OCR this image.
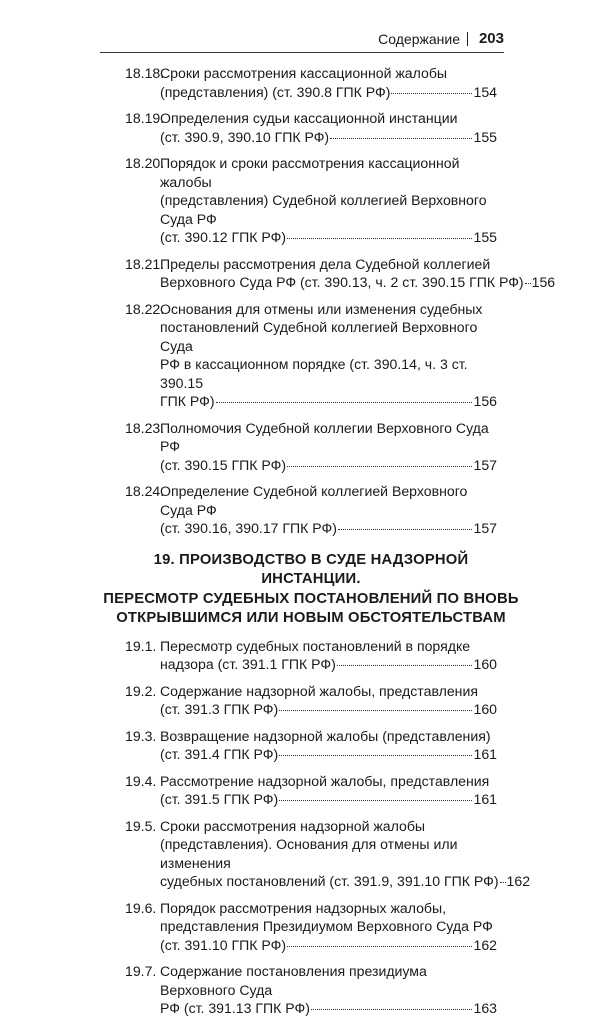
Содержание 203
18.18.
Сроки рассмотрения кассационной жалобы
(представления) (ст. 390.8 ГПК РФ)	154
18.19.
Определения судьи кассационной инстанции
(ст. 390.9, 390.10 ГПК РФ)	155
18.20.
Порядок и сроки рассмотрения кассационной жалобы
(представления) Судебной коллегией Верховного Суда РФ
(ст. 390.12 ГПК РФ)	155
18.21.
Пределы рассмотрения дела Судебной коллегией
Верховного Суда РФ (ст. 390.13, ч. 2 ст. 390.15 ГПК РФ) 156
18.22.
Основания для отмены или изменения судебных
постановлений Судебной коллегией Верховного Суда
РФ в кассационном порядке (ст. 390.14, ч. 3 ст. 390.15
ГПК РФ)	156
18.23.
Полномочия Судебной коллегии Верховного Суда РФ
(ст. 390.15 ГПК РФ)	157
18.24.
Определение Судебной коллегией Верховного Суда РФ
(ст. 390.16, 390.17 ГПК РФ)	157
19. ПРОИЗВОДСТВО В СУДЕ НАДЗОРНОЙ ИНСТАНЦИИ.
ПЕРЕСМОТР СУДЕБНЫХ ПОСТАНОВЛЕНИЙ ПО ВНОВЬ
ОТКРЫВШИМСЯ ИЛИ НОВЫМ ОБСТОЯТЕЛЬСТВАМ
19.1. Пересмотр судебных постановлений в порядке
надзора (ст. 391.1 ГПК РФ)	160
19.2. Содержание надзорной жалобы, представления
(ст. 391.3 ГПК РФ)	160
19.3. Возвращение надзорной жалобы (представления)
(ст. 391.4 ГПК РФ)	161
19.4. Рассмотрение надзорной жалобы, представления
(ст. 391.5 ГПК РФ)	161
19.5. Сроки рассмотрения надзорной жалобы
(представления). Основания для отмены или изменения
судебных постановлений (ст. 391.9, 391.10 ГПК РФ) 162
19.6. Порядок рассмотрения надзорных жалобы,
представления Президиумом Верховного Суда РФ
(ст. 391.10 ГПК РФ)	162
19.7. Содержание постановления президиума Верховного Суда
РФ (ст. 391.13 ГПК РФ)	163
